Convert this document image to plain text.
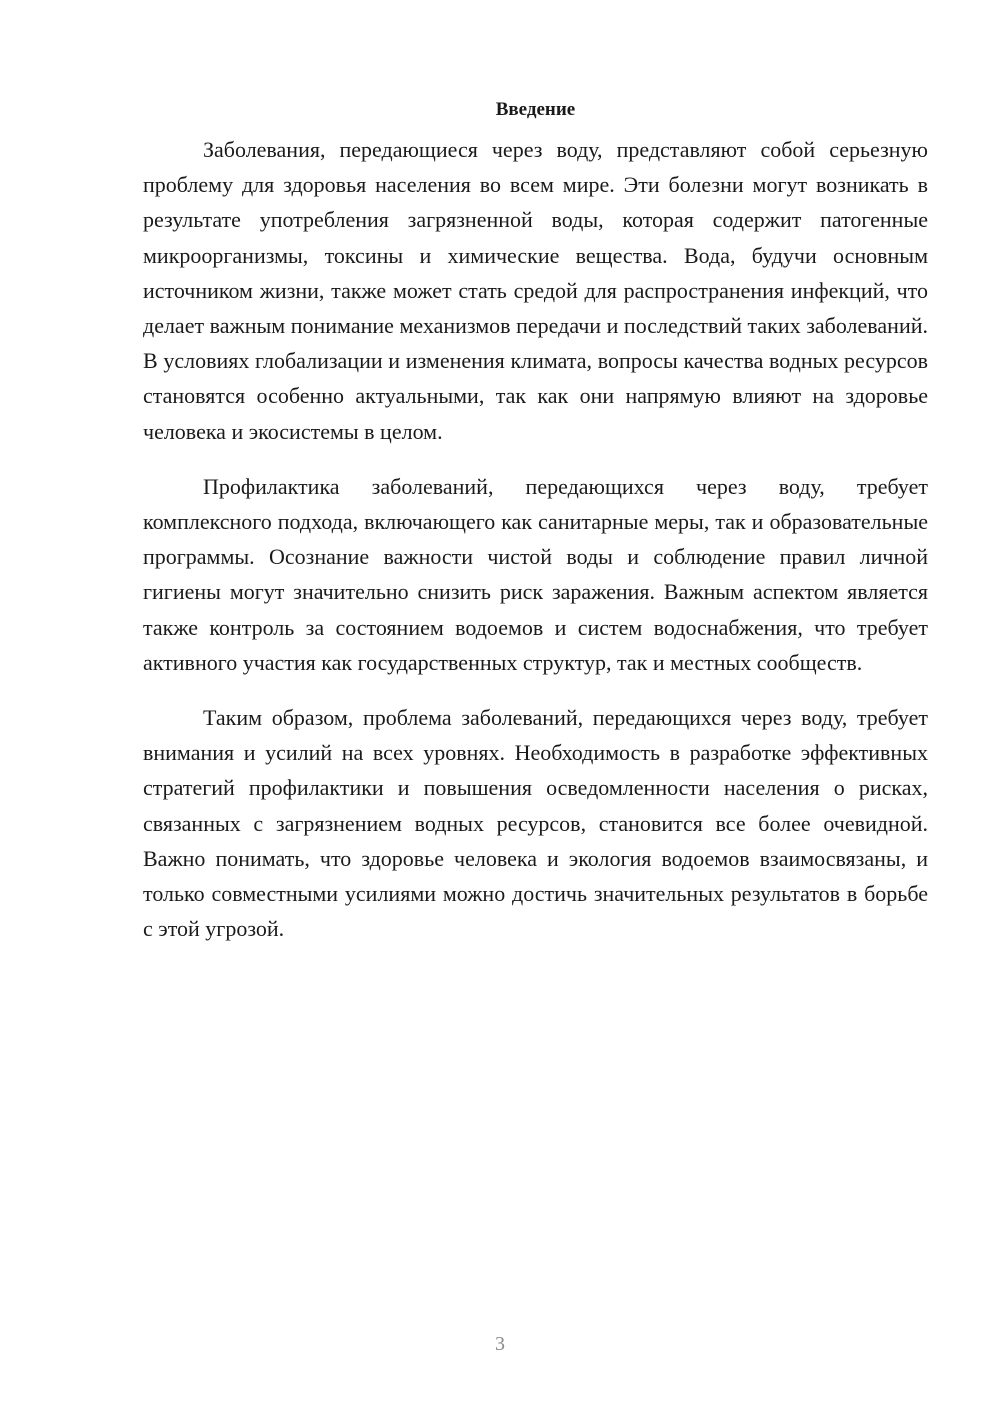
Введение

Заболевания, передающиеся через воду, представляют собой серьезную проблему для здоровья населения во всем мире. Эти болезни могут возникать в результате употребления загрязненной воды, которая содержит патогенные микроорганизмы, токсины и химические вещества. Вода, будучи основным источником жизни, также может стать средой для распространения инфекций, что делает важным понимание механизмов передачи и последствий таких заболеваний. В условиях глобализации и изменения климата, вопросы качества водных ресурсов становятся особенно актуальными, так как они напрямую влияют на здоровье человека и экосистемы в целом.

Профилактика заболеваний, передающихся через воду, требует комплексного подхода, включающего как санитарные меры, так и образовательные программы. Осознание важности чистой воды и соблюдение правил личной гигиены могут значительно снизить риск заражения. Важным аспектом является также контроль за состоянием водоемов и систем водоснабжения, что требует активного участия как государственных структур, так и местных сообществ.

Таким образом, проблема заболеваний, передающихся через воду, требует внимания и усилий на всех уровнях. Необходимость в разработке эффективных стратегий профилактики и повышения осведомленности населения о рисках, связанных с загрязнением водных ресурсов, становится все более очевидной. Важно понимать, что здоровье человека и экология водоемов взаимосвязаны, и только совместными усилиями можно достичь значительных результатов в борьбе с этой угрозой.

3
